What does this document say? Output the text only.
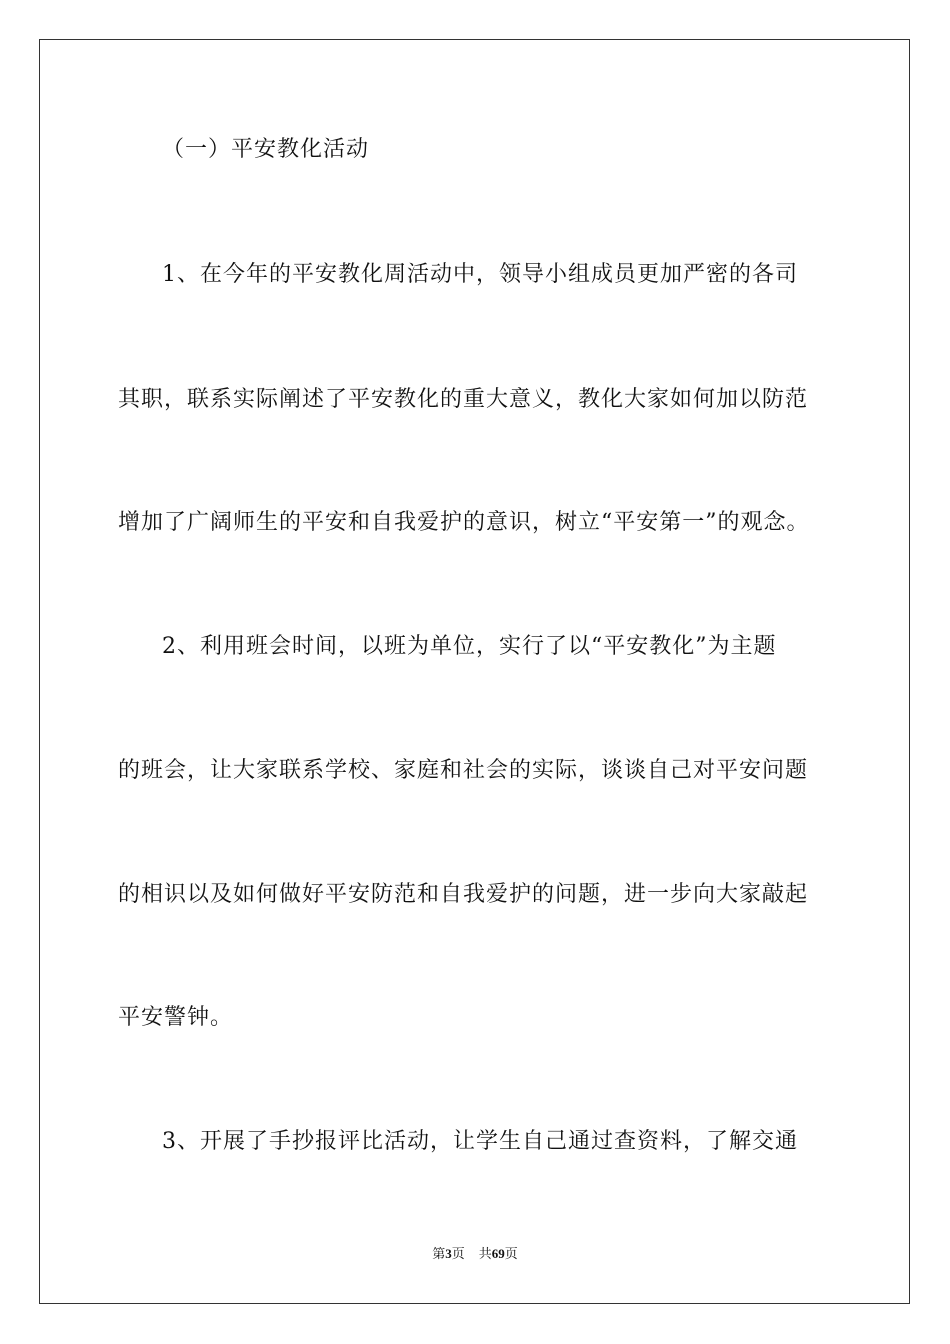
（一）平安教化活动
1、在今年的平安教化周活动中，领导小组成员更加严密的各司
其职，联系实际阐述了平安教化的重大意义，教化大家如何加以防范
增加了广阔师生的平安和自我爱护的意识，树立“平安第一”的观念。
2、利用班会时间，以班为单位，实行了以“平安教化”为主题
的班会，让大家联系学校、家庭和社会的实际，谈谈自己对平安问题
的相识以及如何做好平安防范和自我爱护的问题，进一步向大家敲起
平安警钟。
3、开展了手抄报评比活动，让学生自己通过查资料，了解交通
第3页 共69页
